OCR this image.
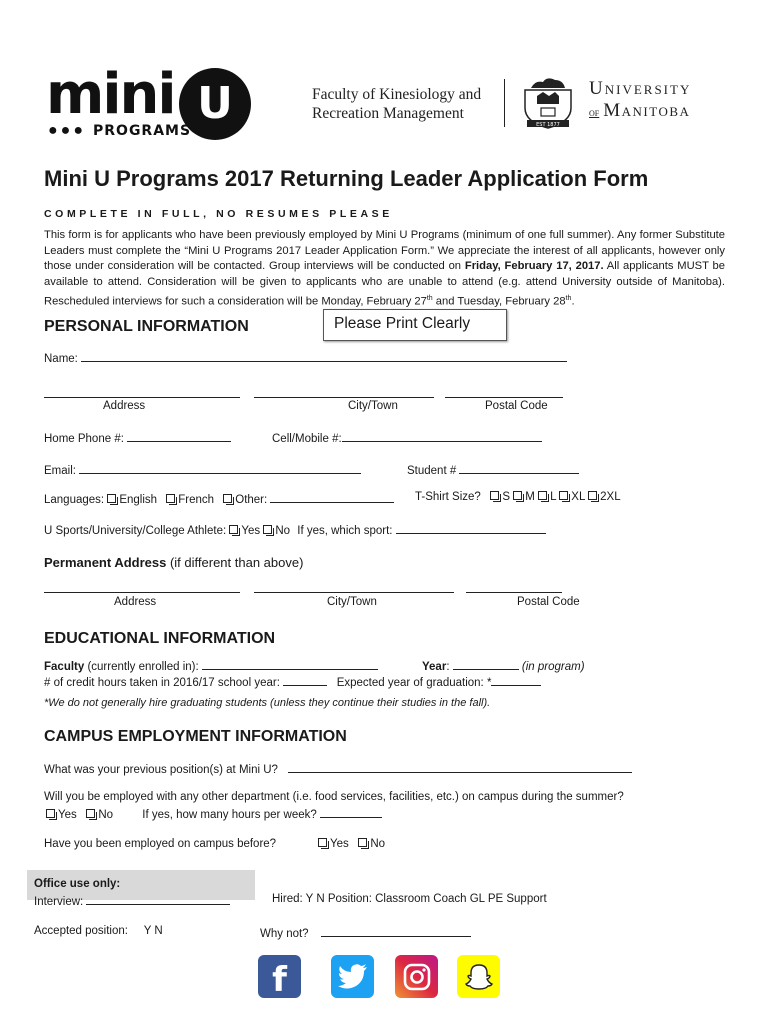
mini U
●●● PROGRAMS
Faculty of Kinesiology and
Recreation Management
EST 1877
University
of Manitoba
Mini U Programs 2017 Returning Leader Application Form
COMPLETE IN FULL, NO RESUMES PLEASE
This form is for applicants who have been previously employed by Mini U Programs (minimum of one full summer). Any former Substitute Leaders must complete the “Mini U Programs 2017 Leader Application Form.” We appreciate the interest of all applicants, however only those under consideration will be contacted. Group interviews will be conducted on Friday, February 17, 2017. All applicants MUST be available to attend. Consideration will be given to applicants who are unable to attend (e.g. attend University outside of Manitoba). Rescheduled interviews for such a consideration will be Monday, February 27th and Tuesday, February 28th.
PERSONAL INFORMATION	Please Print Clearly
Name:
Address	City/Town	Postal Code
Home Phone #:	Cell/Mobile #:
Email:	Student #
Languages: English French Other:	T-Shirt Size? S M L XL 2XL
U Sports/University/College Athlete: Yes No If yes, which sport:
Permanent Address (if different than above)
Address	City/Town	Postal Code
EDUCATIONAL INFORMATION
Faculty (currently enrolled in):	Year:	(in program)
# of credit hours taken in 2016/17 school year:	Expected year of graduation: *
*We do not generally hire graduating students (unless they continue their studies in the fall).
CAMPUS EMPLOYMENT INFORMATION
What was your previous position(s) at Mini U?
Will you be employed with any other department (i.e. food services, facilities, etc.) on campus during the summer?
Yes No	If yes, how many hours per week?
Have you been employed on campus before?	Yes No
Office use only:
Interview:	Hired: Y N Position: Classroom Coach GL PE Support
Accepted position: Y N	Why not?
f
